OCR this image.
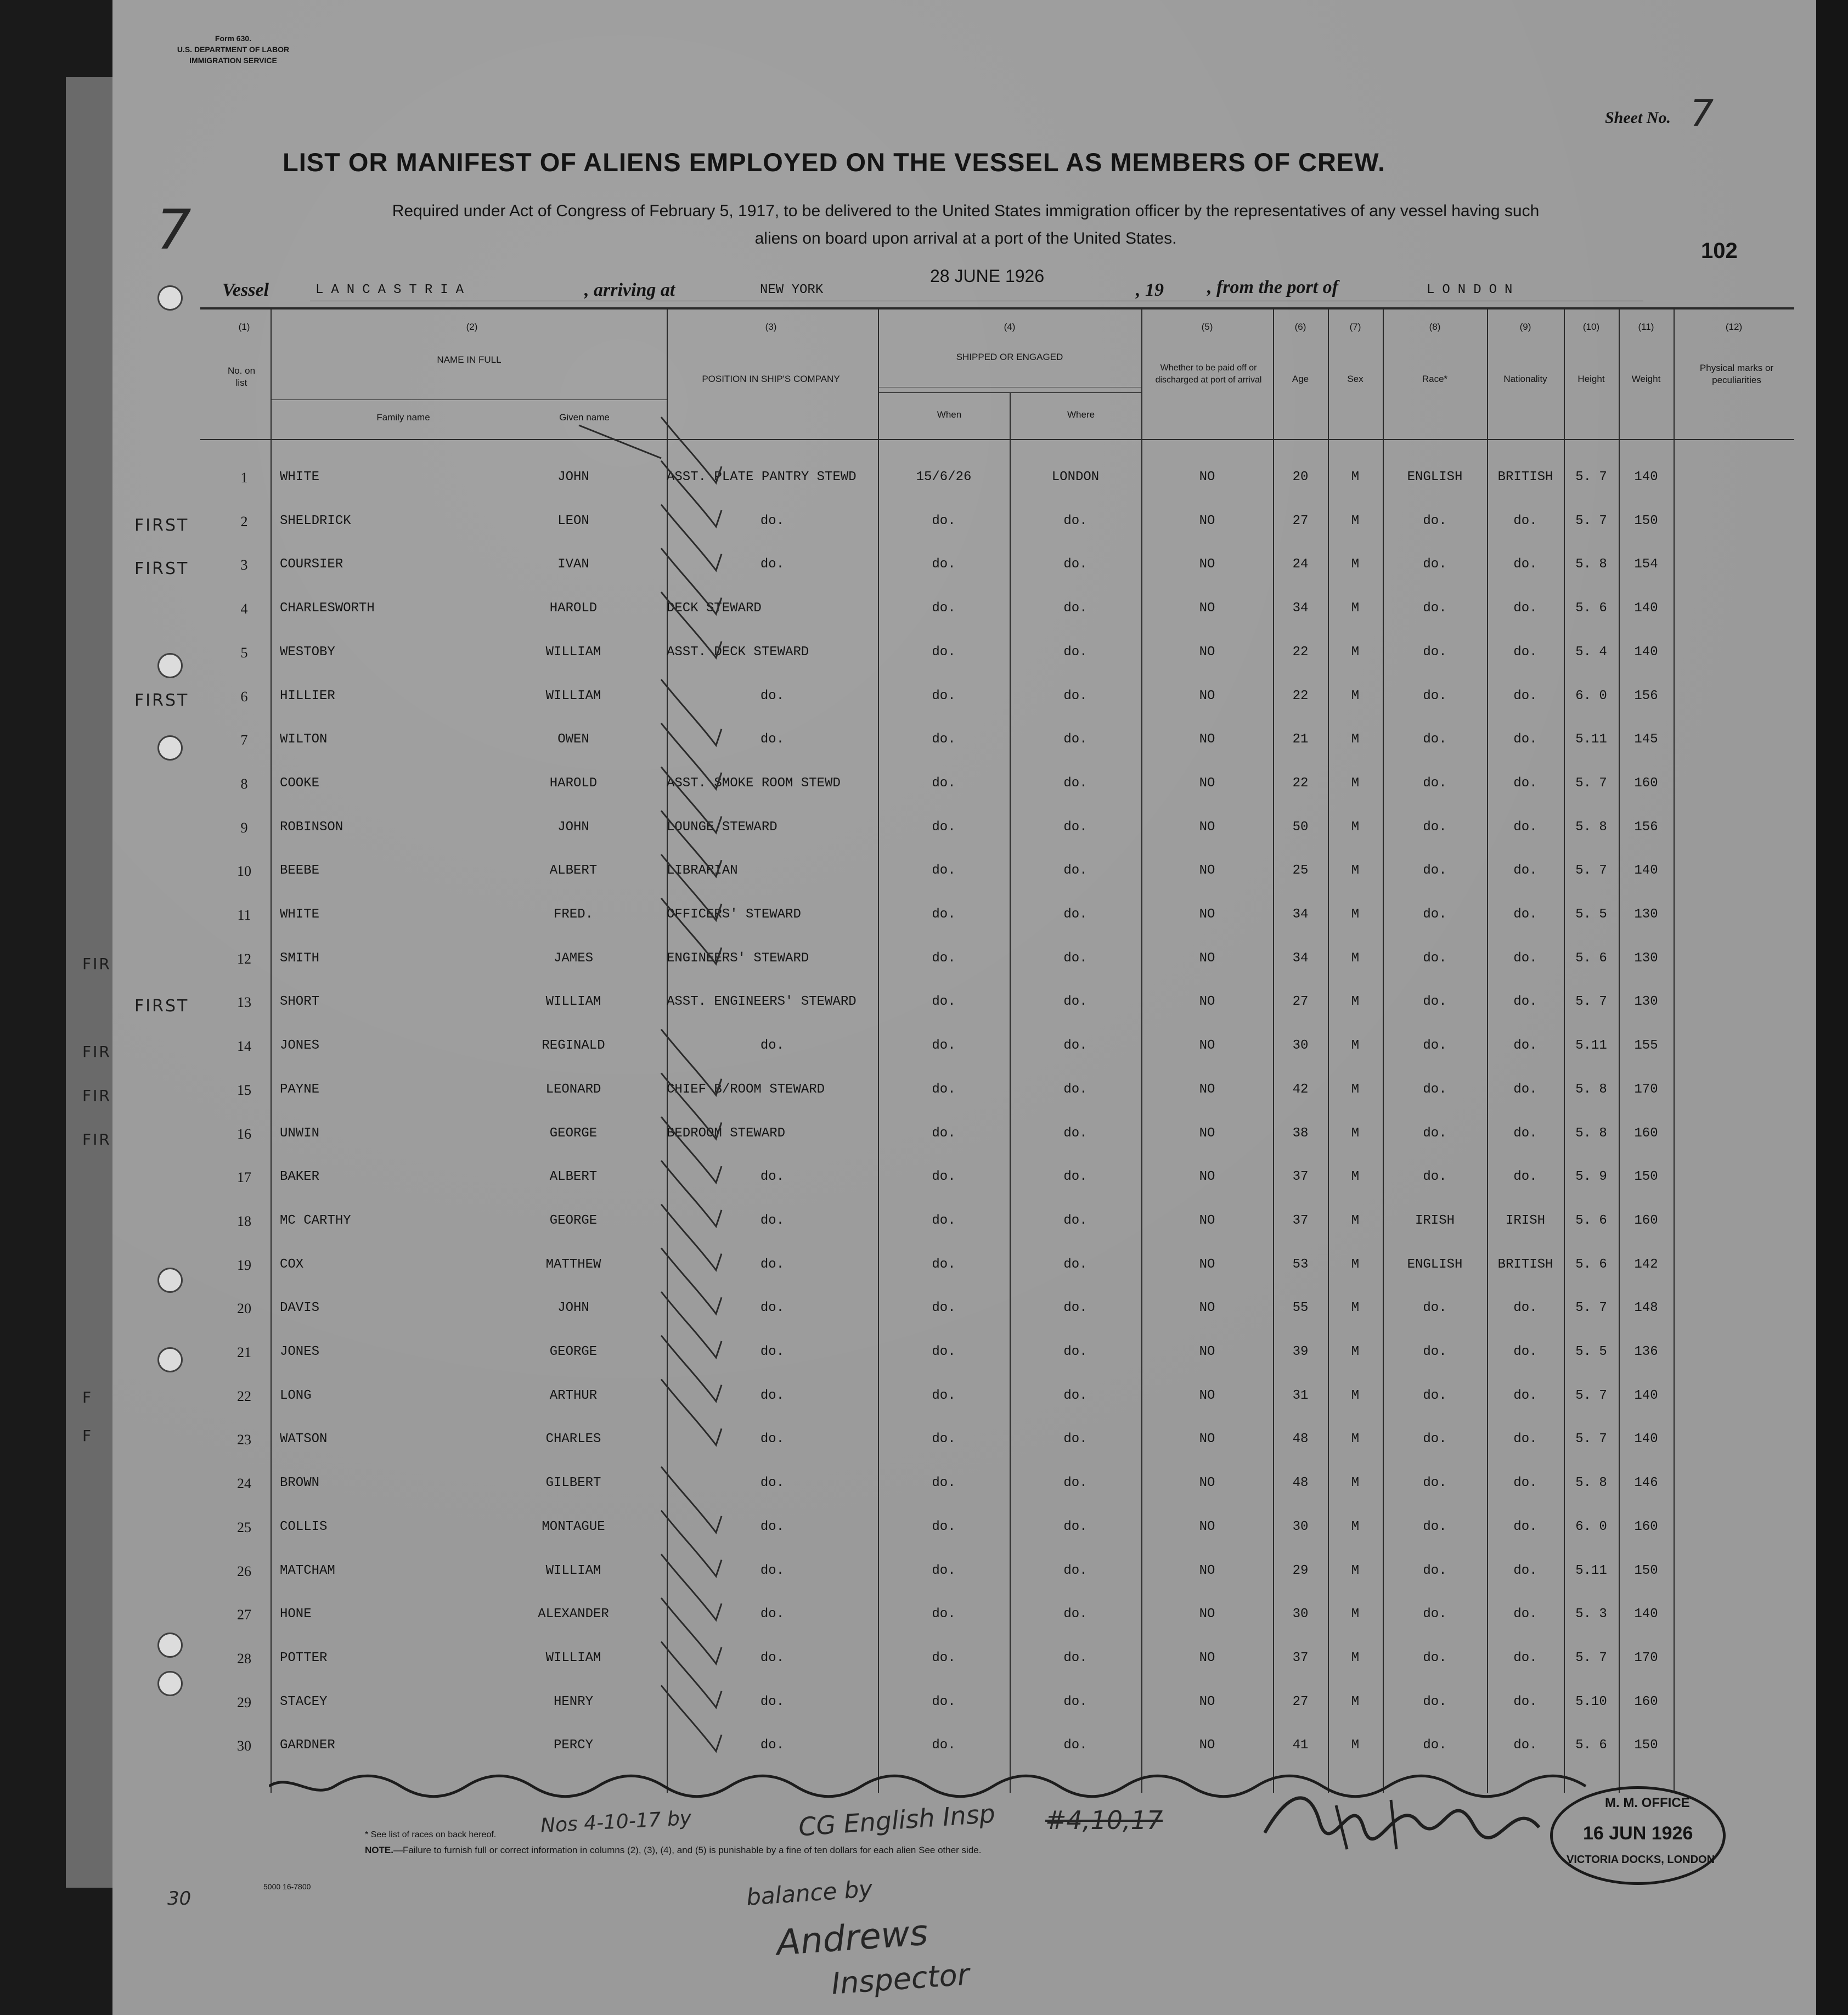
Form 630.
U.S. DEPARTMENT OF LABOR
IMMIGRATION SERVICE
Sheet No. 7
LIST OR MANIFEST OF ALIENS EMPLOYED ON THE VESSEL AS MEMBERS OF CREW.
7	Required under Act of Congress of February 5, 1917, to be delivered to the United States immigration officer by the representatives of any vessel having such
aliens on board upon arrival at a port of the United States.
102
Vessel	LANCASTRIA	, arriving at	NEW YORK
28 JUNE 1926
, 19 , from the port of	LONDON
(1)
No. on list
(2)
NAME IN FULL
Family name	Given name
(3)
POSITION IN SHIP'S COMPANY
(4)
SHIPPED OR ENGAGED
When	Where
(5)
Whether to be paid off or discharged at port of arrival
(6)
Age
(7)
Sex
(8)
Race*
(9)
Nationality
(10)
Height
(11)
Weight
(12)
Physical marks or peculiarities
1	WHITE	JOHN	ASST. PLATE PANTRY STEWD	15/6/26	LONDON	NO	20	M	ENGLISH	BRITISH	5. 7	140
2	SHELDRICK	LEON	do.	do.	do.	NO	27	M	do.	do.	5. 7	150
FIRST
3	COURSIER	IVAN	do.	do.	do.	NO	24	M	do.	do.	5. 8	154
FIRST
4	CHARLESWORTH	HAROLD	DECK STEWARD	do.	do.	NO	34	M	do.	do.	5. 6	140
5	WESTOBY	WILLIAM	ASST. DECK STEWARD	do.	do.	NO	22	M	do.	do.	5. 4	140
6	HILLIER	WILLIAM	do.	do.	do.	NO	22	M	do.	do.	6. 0	156
FIRST
7	WILTON	OWEN	do.	do.	do.	NO	21	M	do.	do.	5.11	145
8	COOKE	HAROLD	ASST. SMOKE ROOM STEWD	do.	do.	NO	22	M	do.	do.	5. 7	160
9	ROBINSON	JOHN	LOUNGE STEWARD	do.	do.	NO	50	M	do.	do.	5. 8	156
10	BEEBE	ALBERT	LIBRARIAN	do.	do.	NO	25	M	do.	do.	5. 7	140
11	WHITE	FRED.	OFFICERS' STEWARD	do.	do.	NO	34	M	do.	do.	5. 5	130
12	SMITH	JAMES	ENGINEERS' STEWARD	do.	do.	NO	34	M	do.	do.	5. 6	130
13	SHORT	WILLIAM	ASST. ENGINEERS' STEWARD	do.	do.	NO	27	M	do.	do.	5. 7	130
FIRST
14	JONES	REGINALD	do.	do.	do.	NO	30	M	do.	do.	5.11	155
15	PAYNE	LEONARD	CHIEF B/ROOM STEWARD	do.	do.	NO	42	M	do.	do.	5. 8	170
16	UNWIN	GEORGE	BEDROOM STEWARD	do.	do.	NO	38	M	do.	do.	5. 8	160
17	BAKER	ALBERT	do.	do.	do.	NO	37	M	do.	do.	5. 9	150
18	MC CARTHY	GEORGE	do.	do.	do.	NO	37	M	IRISH	IRISH	5. 6	160
19	COX	MATTHEW	do.	do.	do.	NO	53	M	ENGLISH	BRITISH	5. 6	142
20	DAVIS	JOHN	do.	do.	do.	NO	55	M	do.	do.	5. 7	148
21	JONES	GEORGE	do.	do.	do.	NO	39	M	do.	do.	5. 5	136
22	LONG	ARTHUR	do.	do.	do.	NO	31	M	do.	do.	5. 7	140
23	WATSON	CHARLES	do.	do.	do.	NO	48	M	do.	do.	5. 7	140
24	BROWN	GILBERT	do.	do.	do.	NO	48	M	do.	do.	5. 8	146
25	COLLIS	MONTAGUE	do.	do.	do.	NO	30	M	do.	do.	6. 0	160
26	MATCHAM	WILLIAM	do.	do.	do.	NO	29	M	do.	do.	5.11	150
27	HONE	ALEXANDER	do.	do.	do.	NO	30	M	do.	do.	5. 3	140
28	POTTER	WILLIAM	do.	do.	do.	NO	37	M	do.	do.	5. 7	170
29	STACEY	HENRY	do.	do.	do.	NO	27	M	do.	do.	5.10	160
30	GARDNER	PERCY	do.	do.	do.	NO	41	M	do.	do.	5. 6	150
* See list of races on back hereof.
NOTE.—Failure to furnish full or correct information in columns (2), (3), (4), and (5) is punishable by a fine of ten dollars for each alien See other side.
5000 16-7800
30
Nos 4-10-17 by	CG English Insp #4,10,17
balance by
Andrews
Inspector
M. M. OFFICE
16 JUN 1926
VICTORIA DOCKS, LONDON
FIR
FIR
FIR
FIR
F
F
